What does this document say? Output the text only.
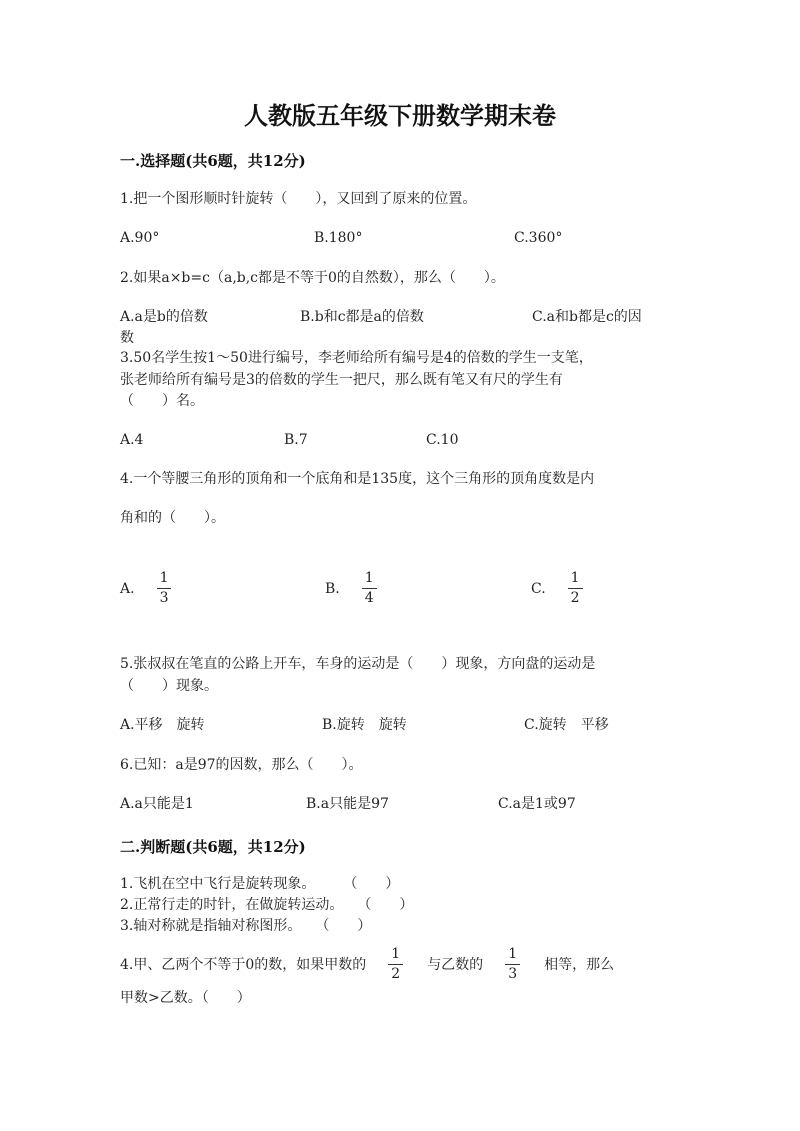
人教版五年级下册数学期末卷
一.选择题(共6题，共12分)
1.把一个图形顺时针旋转（　　），又回到了原来的位置。
A.90°	B.180°	C.360°
2.如果a×b=c（a,b,c都是不等于0的自然数），那么（　　）。
A.a是b的倍数	B.b和c都是a的倍数	C.a和b都是c的因
数
3.50名学生按1～50进行编号，李老师给所有编号是4的倍数的学生一支笔，
张老师给所有编号是3的倍数的学生一把尺，那么既有笔又有尺的学生有
（　　）名。
A.4	B.7	C.10
4.一个等腰三角形的顶角和一个底角和是135度，这个三角形的顶角度数是内
角和的（　　）。
A. $\frac{1}{3}$	B. $\frac{1}{4}$	C. $\frac{1}{2}$
5.张叔叔在笔直的公路上开车，车身的运动是（　　）现象，方向盘的运动是
（　　）现象。
A.平移　旋转	B.旋转　旋转	C.旋转　平移
6.已知：a是97的因数，那么（　　）。
A.a只能是1	B.a只能是97	C.a是1或97
二.判断题(共6题，共12分)
1.飞机在空中飞行是旋转现象。　　　（　　）
2.正常行走的时针，在做旋转运动。　　（　　）
3.轴对称就是指轴对称图形。　　（　　）
4.甲、乙两个不等于0的数，如果甲数的 $\frac{1}{2}$ 与乙数的 $\frac{1}{3}$ 相等，那么
甲数>乙数。（　　）
